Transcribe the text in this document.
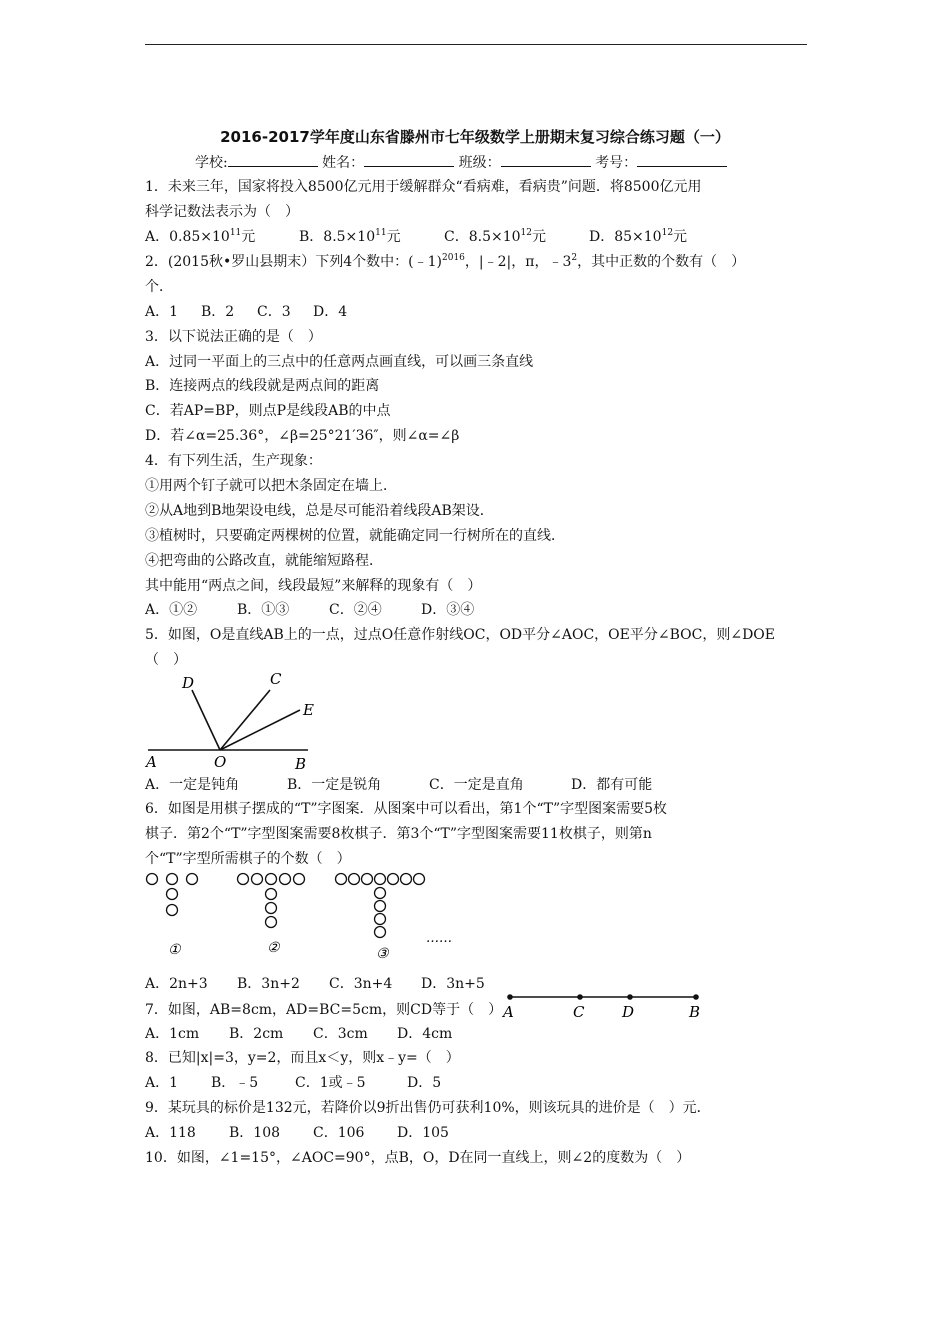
2016-2017学年度山东省滕州市七年级数学上册期末复习综合练习题（一）
学校:	姓名：	班级：	考号：
1．未来三年，国家将投入8500亿元用于缓解群众“看病难，看病贵”问题．将8500亿元用
科学记数法表示为（　）
A．$0.85\times 10^{11}$元	B．$8.5\times 10^{11}$元	C．$8.5\times 10^{12}$元	D．$85\times 10^{12}$元
2．(2015秋•罗山县期末）下列4个数中：(﹣1)$^{2016}$，|﹣2|，π，$﹣3^2$，其中正数的个数有（　）
个．
A．1 B．2 C．3 D．4
3．以下说法正确的是（　）
A．过同一平面上的三点中的任意两点画直线，可以画三条直线
B．连接两点的线段就是两点间的距离
C．若AP=BP，则点P是线段AB的中点
D．若∠α=25.36°，∠β=25°21′36″，则∠α=∠β
4．有下列生活，生产现象：
①用两个钉子就可以把木条固定在墙上．
②从A地到B地架设电线，总是尽可能沿着线段AB架设．
③植树时，只要确定两棵树的位置，就能确定同一行树所在的直线．
④把弯曲的公路改直，就能缩短路程．
其中能用“两点之间，线段最短”来解释的现象有（　）
A．①②	B．①③	C．②④	D．③④
5．如图，O是直线AB上的一点，过点O任意作射线OC，OD平分∠AOC，OE平分∠BOC，则∠DOE
（　）
D	C
E
A	O	B
A．一定是钝角	B．一定是锐角	C．一定是直角	D．都有可能
6．如图是用棋子摆成的“T”字图案．从图案中可以看出，第1个“T”字型图案需要5枚
棋子．第2个“T”字型图案需要8枚棋子．第3个“T”字型图案需要11枚棋子，则第n
个“T”字型所需棋子的个数（　）
①	②	③
……
A．2n+3 B．3n+2 C．3n+4 D．3n+5
7．如图，AB=8cm，AD=BC=5cm，则CD等于（　） A	C	D	B
A．1cm B．2cm C．3cm D．4cm
8．已知|x|=3，y=2，而且x＜y，则x﹣y=（　）
A．1 B．﹣5	C．1或﹣5	D．5
9．某玩具的标价是132元，若降价以9折出售仍可获利10%，则该玩具的进价是（　）元．
A．118 B．108 C．106 D．105
10．如图，∠1=15°，∠AOC=90°，点B，O，D在同一直线上，则∠2的度数为（　）
